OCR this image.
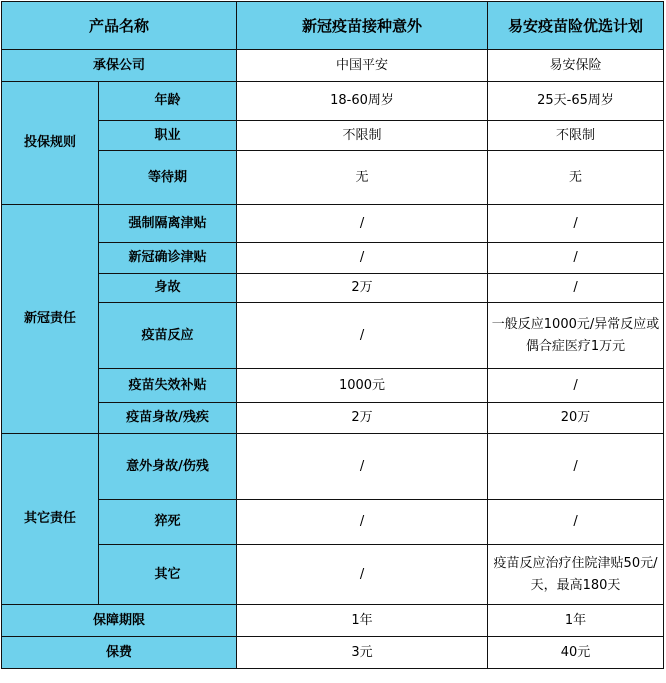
产品名称		新冠疫苗接种意外	易安疫苗险优选计划
承保公司		中国平安	易安保险
投保规则	年龄	18-60周岁	25天-65周岁
	职业	不限制	不限制
	等待期	无	无
新冠责任	强制隔离津贴	/	/
	新冠确诊津贴	/	/
	身故	2万	/
	疫苗反应	/	一般反应1000元/异常反应或偶合症医疗1万元
	疫苗失效补贴	1000元	/
	疫苗身故/残疾	2万	20万
其它责任	意外身故/伤残	/	/
	猝死	/	/
	其它	/	疫苗反应治疗住院津贴50元/天，最高180天
保障期限		1年	1年
保费		3元	40元
